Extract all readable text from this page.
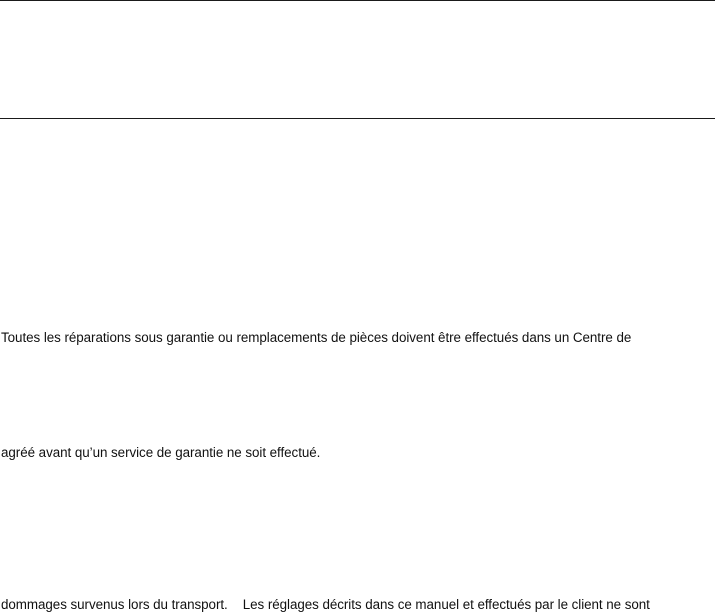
Toutes les réparations sous garantie ou remplacements de pièces doivent être effectués dans un Centre de
agréé avant qu’un service de garantie ne soit effectué.
dommages survenus lors du transport. Les réglages décrits dans ce manuel et effectués par le client ne sont
